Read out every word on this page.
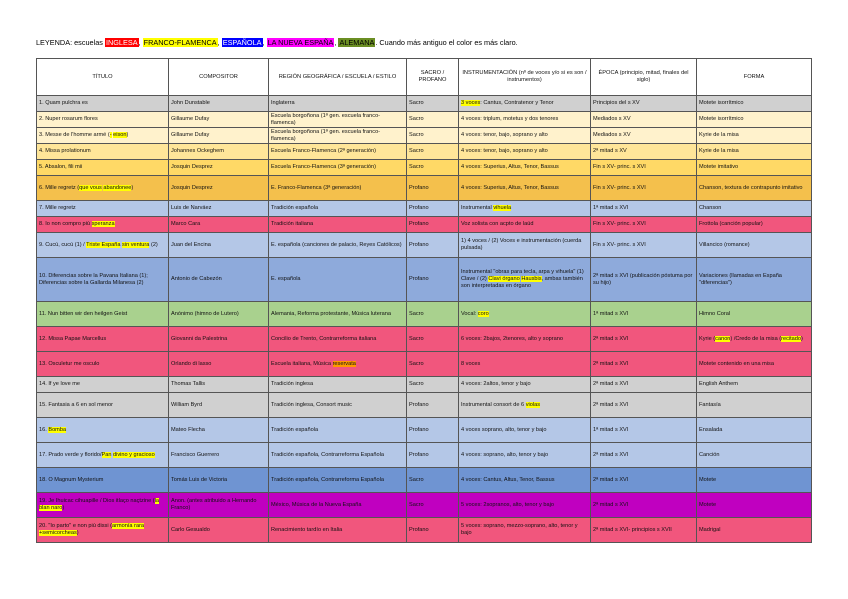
LEYENDA: escuelas INGLESA, FRANCO-FLAMENCA, ESPAÑOLA, LA NUEVA ESPAÑA, ALEMANA. Cuando más antiguo el color es más claro.
TÍTULO	COMPOSITOR	REGIÓN GEOGRÁFICA / ESCUELA / ESTILO	SACRO / PROFANO	INSTRUMENTACIÓN (nº de voces y/o si es son / instrumentos)	ÉPOCA (principio, mitad, finales del siglo)	FORMA
1. Quam pulchra es	John Dunstable	Inglaterra	Sacro	3 voces: Cantus, Contratenor y Tenor	Principios del s XV	Motete isorrítmico
2. Nuper rosarum flores	Gillaume Dufay	Escuela borgoñona (1ª gen. escuela franco-flamenca)	Sacro	4 voces: triplum, motetus y dos tenores	Mediados s XV	Motete isorrítmico
3. Messe de l'homme armé (- eison)	Gillaume Dufay	Escuela borgoñona (1ª gen. escuela franco-flamenca)	Sacro	4 voces: tenor, bajo, soprano y alto	Mediados s XV	Kyrie de la misa
4. Missa prolationum	Johannes Ockeghem	Escuela Franco-Flamenca (2ª generación)	Sacro	4 voces: tenor, bajo, soprano y alto	2ª mitad s XV	Kyrie de la misa
5. Absalon, fili mii	Josquin Desprez	Escuela Franco-Flamenca (3ª generación)	Sacro	4 voces: Superius, Altus, Tenor, Bassus	Fin s XV- princ. s XVI	Motete imitativo
6. Mille regretz (que vous abandonee)	Josquin Desprez	E. Franco-Flamenca (3ª generación)	Profano	4 voces: Superius, Altus, Tenor, Bassus	Fin s XV- princ. s XVI	Chanson, textura de contrapunto imitativo
7. Mille regretz	Luis de Narváez	Tradición española	Profano	Instrumental vihuela	1ª mitad s XVI	Chanson
8. Io non compro più speranza	Marco Cara	Tradición italiana	Profano	Voz solista con acpto de laúd	Fin s XV- princ. s XVI	Frottola (canción popular)
9. Cucú, cucú (1) / Triste España sin ventura (2)	Juan del Encina	E. española (canciones de palacio, Reyes Católicos)	Profano	1) 4 voces / (2) Voces e instrumentación (cuerda pulsada)	Fin s XV- princ. s XVI	Villancico (romance)
10. Diferencias sobre la Pavana Italiana (1); Diferencias sobre la Gallarda Milanesa (2)	Antonio de Cabezón	E. española	Profano	Instrumental "obras para tecla, arpa y vihuela" (1) Clave / (2) Clavi órgano Hausbis, ambas también son interpretadas en órgano	2ª mitad s XVI (publicación póstuma por su hijo)	Variaciones (llamadas en España "diferencias")
11. Nun bitten wir den heilgen Geist	Anónimo (himno de Lutero)	Alemania, Reforma protestante, Música luterana	Sacro	Vocal: coro	1ª mitad s XVI	Himno Coral
12. Missa Papae Marcellus	Giovanni da Palestrina	Concilio de Trento, Contrarreforma italiana	Sacro	6 voces: 2bajos, 2tenores, alto y soprano	2ª mitad s XVI	Kyrie (canon) /Credo de la misa (recitado)
13. Osculetur me osculo	Orlando di lasso	Escuela italiana, Música reservata	Sacro	8 voces	2ª mitad s XVI	Motete contenido en una misa
14. If ye love me	Thomas Tallis	Tradición inglesa	Sacro	4 voces: 2altos, tenor y bajo	2ª mitad s XVI	English Anthem
15. Fantasia a 6 en sol menor	William Byrd	Tradición inglesa, Consort music	Profano	Instrumental consort de 6 violas	2ª mitad s XVI	Fantasía
16. Bomba	Mateo Flecha	Tradición española	Profano	4 voces soprano, alto, tenor y bajo	1ª mitad s XVI	Ensalada
17. Prado verde y florido/Pan divino y gracioso	Francisco Guerrero	Tradición española, Contrarreforma Española	Profano	4 voces: soprano, alto, tenor y bajo	2ª mitad s XVI	Canción
18. O Magnum Mysterium	Tomás Luis de Victoria	Tradición española, Contrarreforma Española	Sacro	4 voces: Cantus, Altus, Tenor, Bassus	2ª mitad s XVI	Motete
19. Je Ihuicac cihuapille / Dios itlaço naçtzine (la blan naro)	Anon. (antes atribuido a Hernando Franco)	México, Música de la Nueva España	Sacro	5 voces: 2sopranos, alto, tenor y bajo	2ª mitad s XVI	Motete
20. "Io parto" e non più dissi (armonía rara +semicorcheas)	Carlo Gesualdo	Renacimiento tardío en Italia	Profano	5 voces: soprano, mezzo-soprano, alto, tenor y bajo	2ª mitad s XVI- principios s XVII	Madrigal
